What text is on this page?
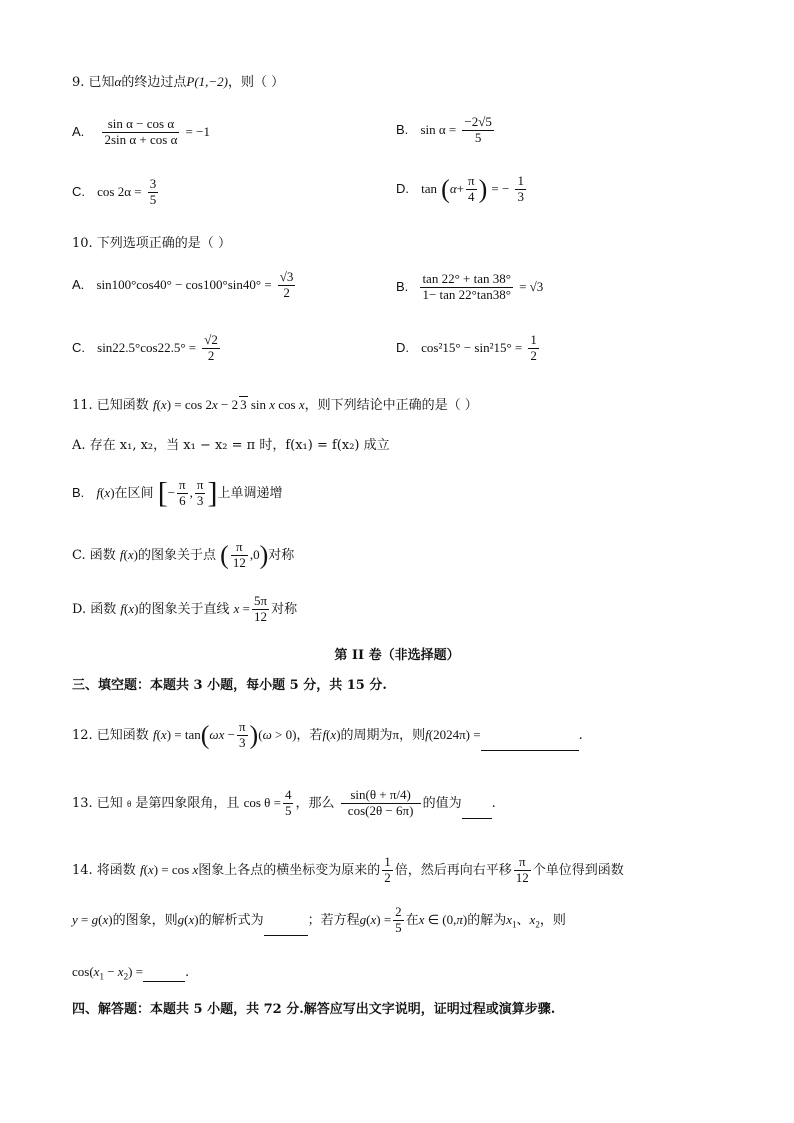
9. 已知α的终边过点P(1,−2)，则（ ）
A. $\frac{\text{sin α − cos α}}{\text{2sin α + cos α}} = -1$	B. $\sin \alpha = \frac{-2√5}{5}$
C. $\cos 2\alpha = \frac{3}{5}$	D. $\tan (\alpha+ \frac{\pi}{4}$ ) = − $\frac{1}{3}$
10. 下列选项正确的是（ ）
A. $\sin 100^\circ\cos 40^\circ - \cos 100^\circ\sin 40^\circ = \frac{√3}{2}$	B. $\frac{\tan 22^\circ + \tan 38^\circ}{1- \tan 22^\circ\tan 38^\circ} = √3$
C. $\sin 22.5^\circ\cos 22.5^\circ = \frac{√2}{2}$	D. $\cos^215^\circ - \sin^215^\circ = \frac{1}{2}$
11. 已知函数 f(x) = cos 2x − 2 3 sin x cos x，则下列结论中正确的是（ ）
A. 存在 x₁, x₂，当 x₁ − x₂ = π 时，f(x₁) = f(x₂) 成立
B. f(x)在区间 [− $\frac{\pi}{6}$ , $\frac{\pi}{3}$ ]上单调递增
C. 函数 f(x)的图象关于点 ( $\frac{\pi}{12} ,0$)对称
D. 函数 f(x)的图象关于直线 $x = \frac{5\pi}{12}$ 对称
第 II 卷（非选择题）
三、填空题：本题共 3 小题，每小题 5 分，共 15 分.
12. 已知函数 $f(x) = \tan(\omega x - \frac{\pi}{3} )(\omega > 0)$，若f(x)的周期为π，则f(2024π) =	.
13. 已知 θ 是第四象限角，且 $\cos \theta = \frac{4}{5}$ ，那么 $\frac{\sin(\theta + \pi/4)}{\cos(2\theta - 6\pi)}$ 的值为 .
14. 将函数 f(x) = cos x图象上各点的横坐标变为原来的 $\frac{1}{2}$ 倍，然后再向右平移 $\frac{\pi}{12}$ 个单位得到函数
y = g(x)的图象，则g(x)的解析式为	；若方程$g(x) = \frac{2}{5}$ 在x ∈ (0,π)的解为$x_1$、$x_2$，则
$\cos(x_1 - x_2)$ =	.
四、解答题：本题共 5 小题，共 72 分.解答应写出文字说明，证明过程或演算步骤.
